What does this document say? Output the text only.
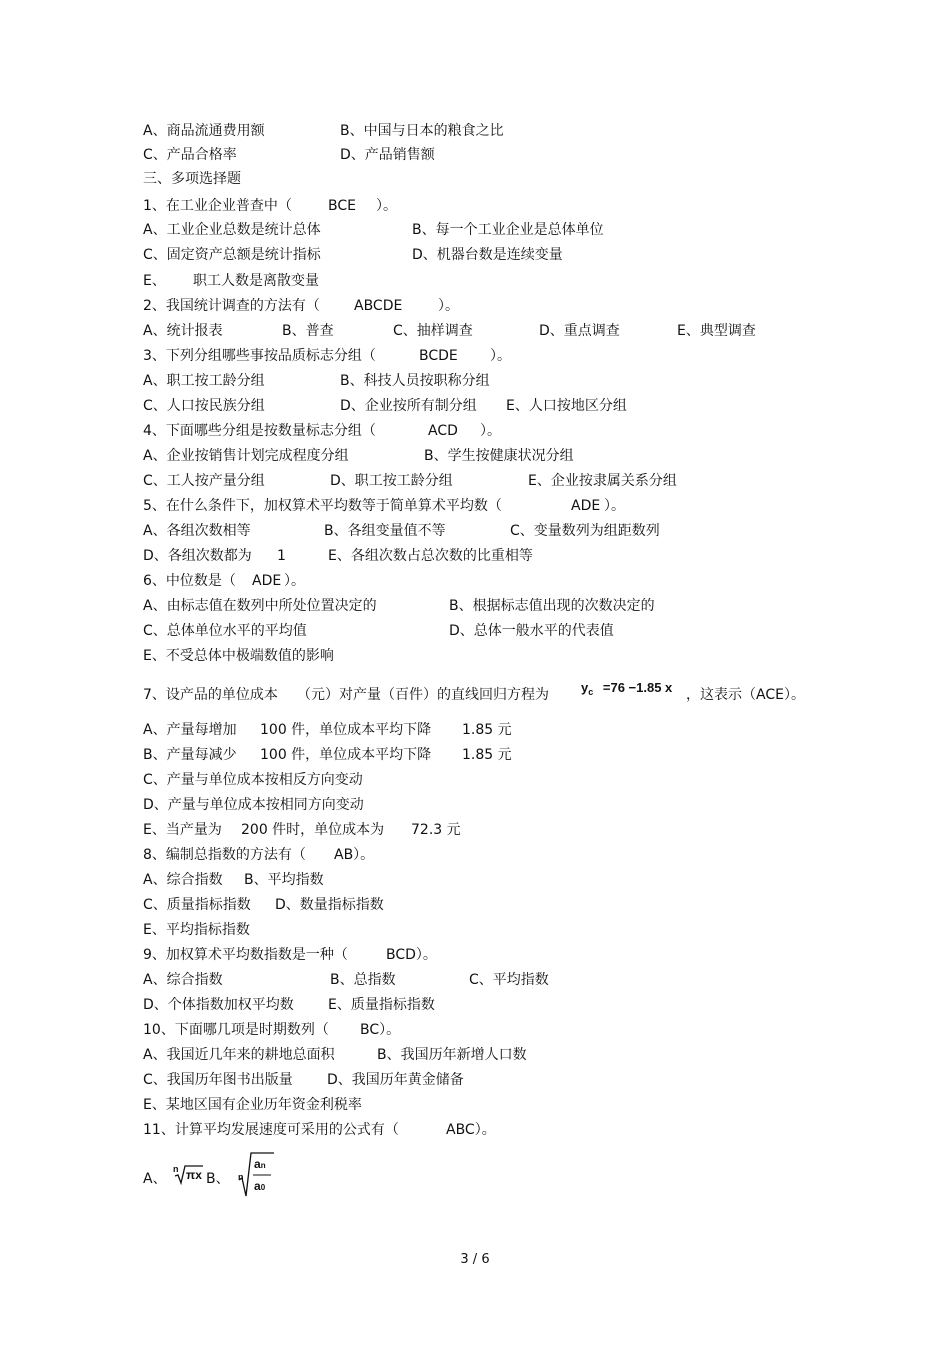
A、商品流通费用额	B、中国与日本的粮食之比
C、产品合格率	D、产品销售额
三、多项选择题
1、在工业企业普查中（	BCE ）。
A、工业企业总数是统计总体	B、每一个工业企业是总体单位
C、固定资产总额是统计指标	D、机器台数是连续变量
E、 职工人数是离散变量
2、我国统计调查的方法有（ ABCDE	）。
A、统计报表	B、普查	C、抽样调查	D、重点调查	E、典型调查
3、下列分组哪些事按品质标志分组（	BCDE ）。
A、职工按工龄分组	B、科技人员按职称分组
C、人口按民族分组	D、企业按所有制分组 E、人口按地区分组
4、下面哪些分组是按数量标志分组（	ACD ）。
A、企业按销售计划完成程度分组	B、学生按健康状况分组
C、工人按产量分组	D、职工按工龄分组	E、企业按隶属关系分组
5、在什么条件下，加权算术平均数等于简单算术平均数（	ADE ）。
A、各组次数相等	B、各组变量值不等	C、变量数列为组距数列
D、各组次数都为 1	E、各组次数占总次数的比重相等
6、中位数是（ ADE ）。
A、由标志值在数列中所处位置决定的	B、根据标志值出现的次数决定的
C、总体单位水平的平均值	D、总体一般水平的代表值
E、不受总体中极端数值的影响
7、设产品的单位成本 （元）对产量（百件）的直线回归方程为	，这表示（ACE）。
A、产量每增加 100 件，单位成本平均下降 1.85 元
B、产量每减少 100 件，单位成本平均下降 1.85 元
C、产量与单位成本按相反方向变动
D、产量与单位成本按相同方向变动
E、当产量为 200 件时，单位成本为 72.3 元
8、编制总指数的方法有（ AB）。
A、综合指数 B、平均指数
C、质量指标指数 D、数量指标指数
E、平均指标指数
9、加权算术平均数指数是一种（	BCD）。
A、综合指数	B、总指数	C、平均指数
D、个体指数加权平均数 E、质量指标指数
10、下面哪几项是时期数列（ BC）。
A、我国近几年来的耕地总面积	B、我国历年新增人口数
C、我国历年图书出版量 D、我国历年黄金储备
E、某地区国有企业历年资金利税率
11、计算平均发展速度可采用的公式有（	ABC）。
A、	B、
$y_c =76 -1.85$ x
n πx	n
an
a0
3 / 6
